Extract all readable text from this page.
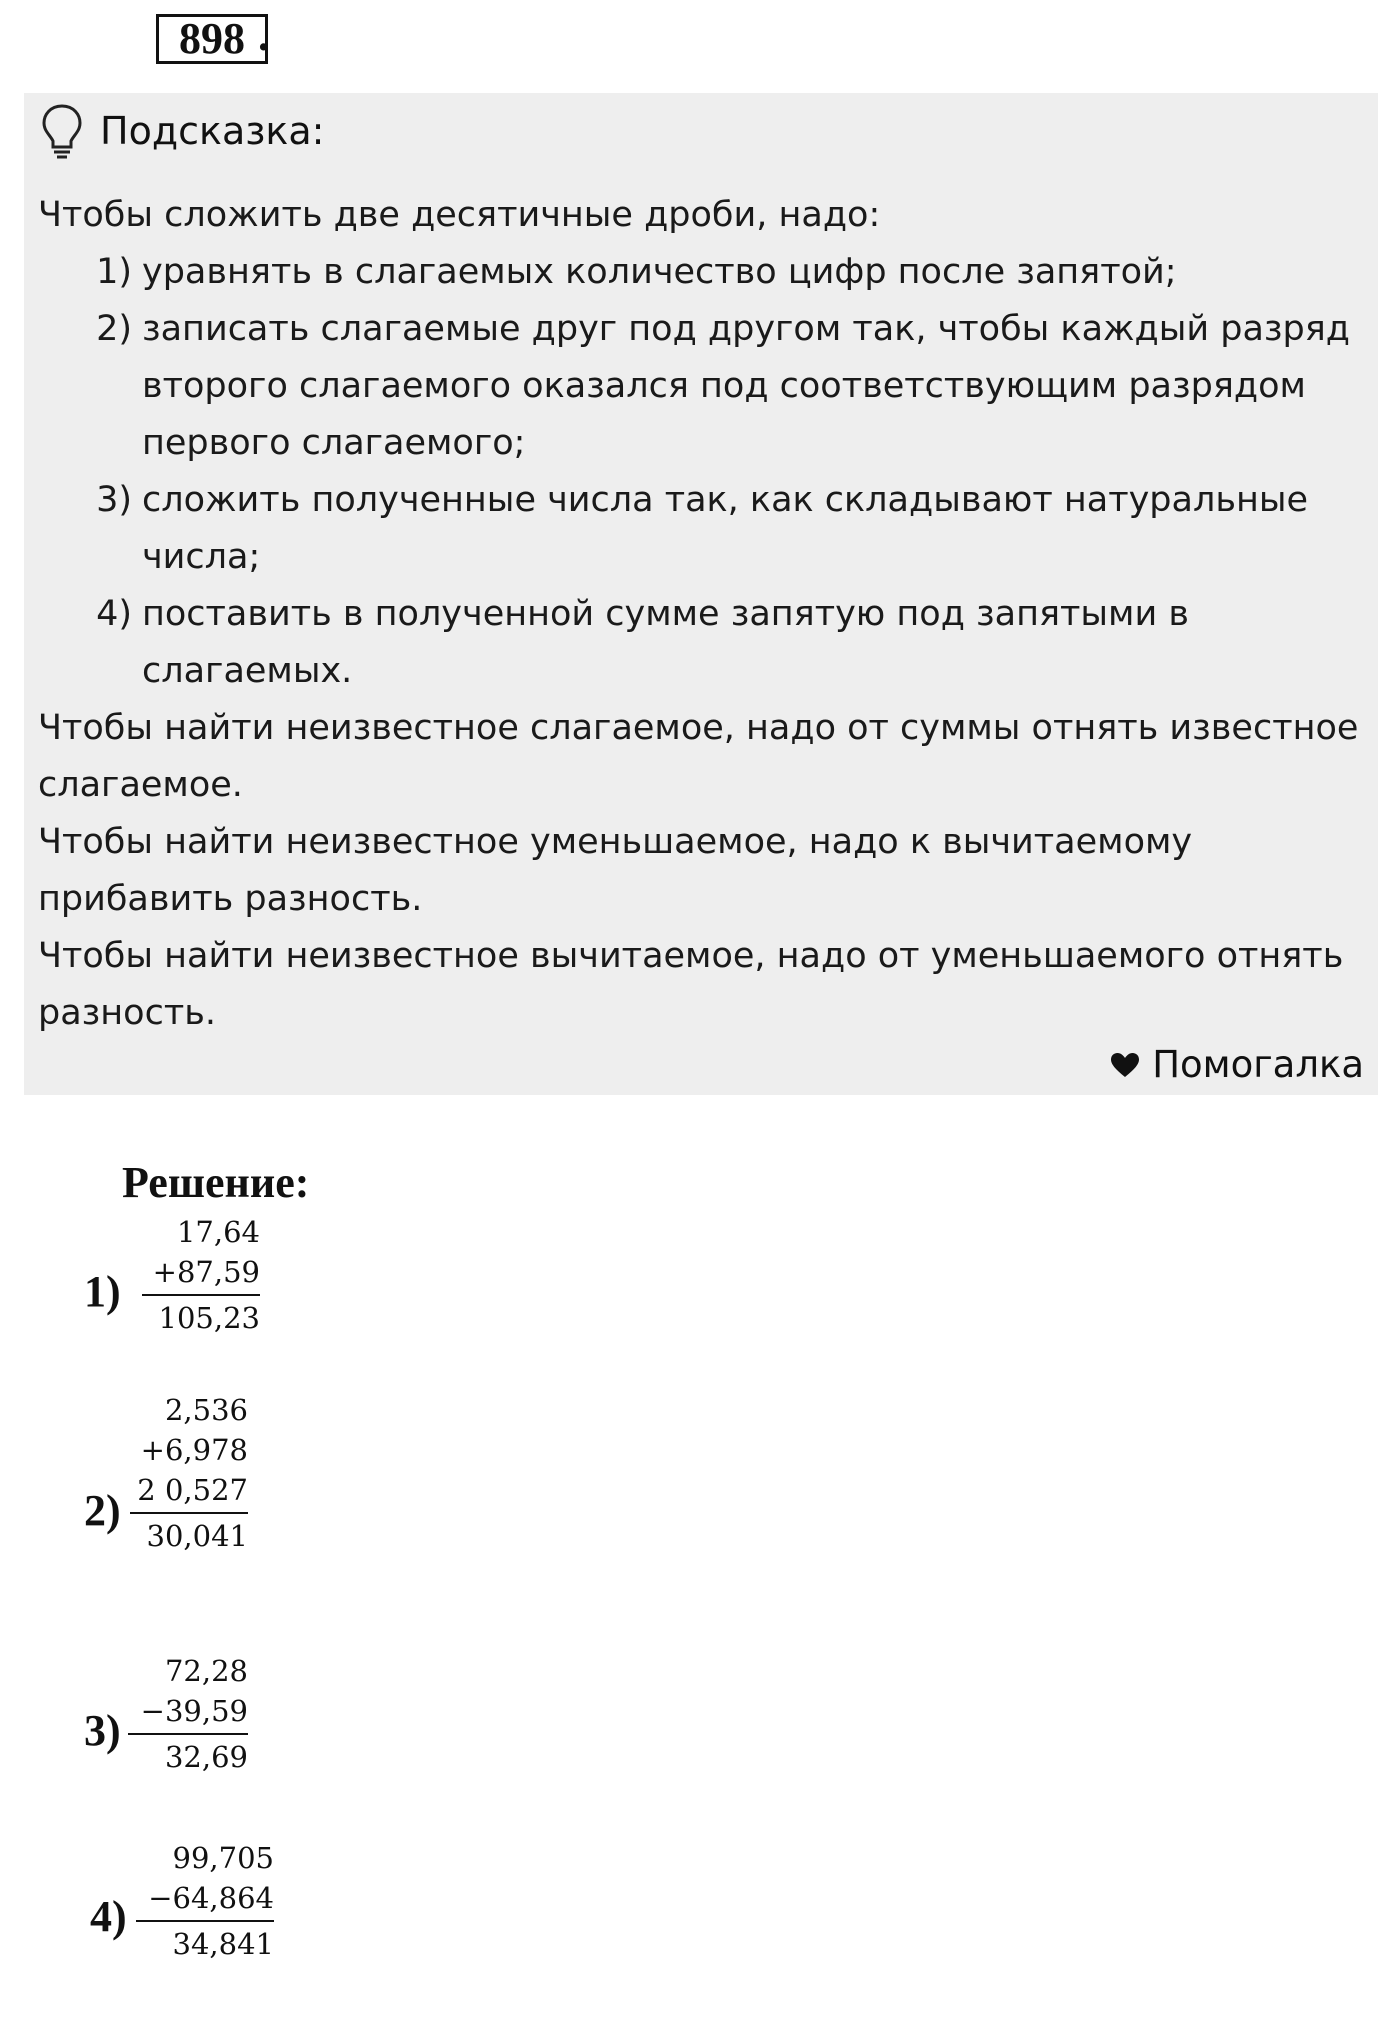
898 .
Подсказка:

Чтобы сложить две десятичные дроби, надо:

1) уравнять в слагаемых количество цифр после запятой;
2) записать слагаемые друг под другом так, чтобы каждый разряд второго слагаемого оказался под соответствующим разрядом первого слагаемого;
3) сложить полученные числа так, как складывают натуральные числа;
4) поставить в полученной сумме запятую под запятыми в слагаемых.

Чтобы найти неизвестное слагаемое, надо от суммы отнять известное слагаемое.

Чтобы найти неизвестное уменьшаемое, надо к вычитаемому прибавить разность.

Чтобы найти неизвестное вычитаемое, надо от уменьшаемого отнять разность.

Помогалка
Решение:
1)
17,64
+87,59
105,23
2)
2,536
+6,978
2 0,527
30,041
3)
72,28
−39,59
32,69
4)
99,705
−64,864
34,841
